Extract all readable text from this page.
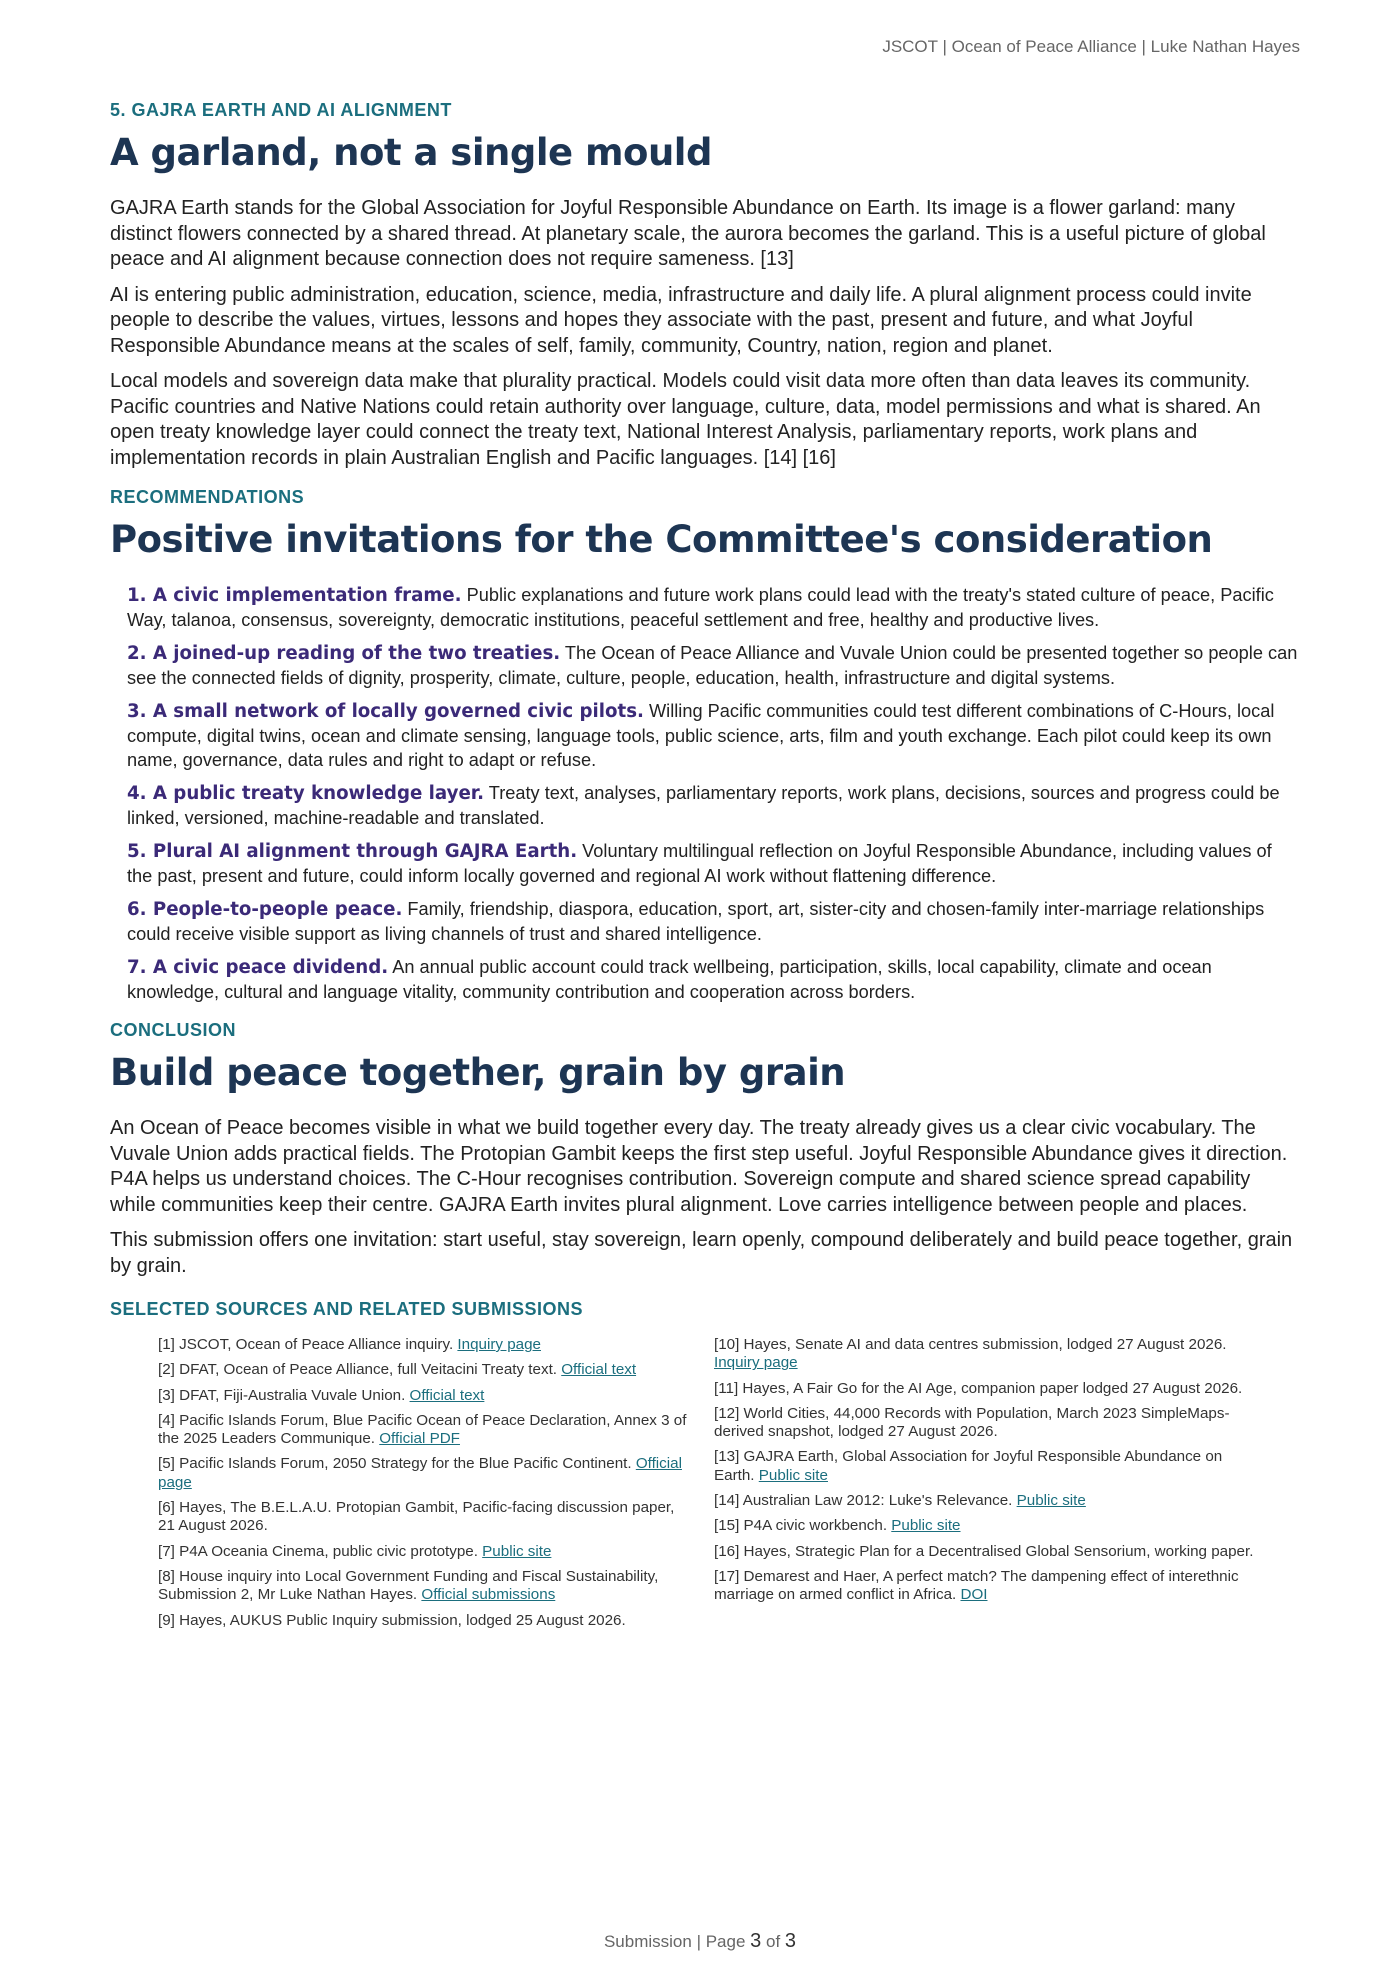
JSCOT | Ocean of Peace Alliance | Luke Nathan Hayes

5. GAJRA EARTH AND AI ALIGNMENT

A garland, not a single mould

GAJRA Earth stands for the Global Association for Joyful Responsible Abundance on Earth. Its image is a flower garland: many distinct flowers connected by a shared thread. At planetary scale, the aurora becomes the garland. This is a useful picture of global peace and AI alignment because connection does not require sameness. [13]

AI is entering public administration, education, science, media, infrastructure and daily life. A plural alignment process could invite people to describe the values, virtues, lessons and hopes they associate with the past, present and future, and what Joyful Responsible Abundance means at the scales of self, family, community, Country, nation, region and planet.

Local models and sovereign data make that plurality practical. Models could visit data more often than data leaves its community. Pacific countries and Native Nations could retain authority over language, culture, data, model permissions and what is shared. An open treaty knowledge layer could connect the treaty text, National Interest Analysis, parliamentary reports, work plans and implementation records in plain Australian English and Pacific languages. [14] [16]

RECOMMENDATIONS

Positive invitations for the Committee's consideration
1. A civic implementation frame. Public explanations and future work plans could lead with the treaty's stated culture of peace, Pacific Way, talanoa, consensus, sovereignty, democratic institutions, peaceful settlement and free, healthy and productive lives.
2. A joined-up reading of the two treaties. The Ocean of Peace Alliance and Vuvale Union could be presented together so people can see the connected fields of dignity, prosperity, climate, culture, people, education, health, infrastructure and digital systems.
3. A small network of locally governed civic pilots. Willing Pacific communities could test different combinations of C-Hours, local compute, digital twins, ocean and climate sensing, language tools, public science, arts, film and youth exchange. Each pilot could keep its own name, governance, data rules and right to adapt or refuse.
4. A public treaty knowledge layer. Treaty text, analyses, parliamentary reports, work plans, decisions, sources and progress could be linked, versioned, machine-readable and translated.
5. Plural AI alignment through GAJRA Earth. Voluntary multilingual reflection on Joyful Responsible Abundance, including values of the past, present and future, could inform locally governed and regional AI work without flattening difference.
6. People-to-people peace. Family, friendship, diaspora, education, sport, art, sister-city and chosen-family inter-marriage relationships could receive visible support as living channels of trust and shared intelligence.
7. A civic peace dividend. An annual public account could track wellbeing, participation, skills, local capability, climate and ocean knowledge, cultural and language vitality, community contribution and cooperation across borders.

CONCLUSION

Build peace together, grain by grain

An Ocean of Peace becomes visible in what we build together every day. The treaty already gives us a clear civic vocabulary. The Vuvale Union adds practical fields. The Protopian Gambit keeps the first step useful. Joyful Responsible Abundance gives it direction. P4A helps us understand choices. The C-Hour recognises contribution. Sovereign compute and shared science spread capability while communities keep their centre. GAJRA Earth invites plural alignment. Love carries intelligence between people and places.

This submission offers one invitation: start useful, stay sovereign, learn openly, compound deliberately and build peace together, grain by grain.

SELECTED SOURCES AND RELATED SUBMISSIONS

[1] JSCOT, Ocean of Peace Alliance inquiry. Inquiry page
[2] DFAT, Ocean of Peace Alliance, full Veitacini Treaty text. Official text
[3] DFAT, Fiji-Australia Vuvale Union. Official text
[4] Pacific Islands Forum, Blue Pacific Ocean of Peace Declaration, Annex 3 of the 2025 Leaders Communique. Official PDF
[5] Pacific Islands Forum, 2050 Strategy for the Blue Pacific Continent. Official page
[6] Hayes, The B.E.L.A.U. Protopian Gambit, Pacific-facing discussion paper, 21 August 2026.
[7] P4A Oceania Cinema, public civic prototype. Public site
[8] House inquiry into Local Government Funding and Fiscal Sustainability, Submission 2, Mr Luke Nathan Hayes. Official submissions
[9] Hayes, AUKUS Public Inquiry submission, lodged 25 August 2026.
[10] Hayes, Senate AI and data centres submission, lodged 27 August 2026. Inquiry page
[11] Hayes, A Fair Go for the AI Age, companion paper lodged 27 August 2026.
[12] World Cities, 44,000 Records with Population, March 2023 SimpleMaps-derived snapshot, lodged 27 August 2026.
[13] GAJRA Earth, Global Association for Joyful Responsible Abundance on Earth. Public site
[14] Australian Law 2012: Luke's Relevance. Public site
[15] P4A civic workbench. Public site
[16] Hayes, Strategic Plan for a Decentralised Global Sensorium, working paper.
[17] Demarest and Haer, A perfect match? The dampening effect of interethnic marriage on armed conflict in Africa. DOI
Submission | Page 3 of 3
